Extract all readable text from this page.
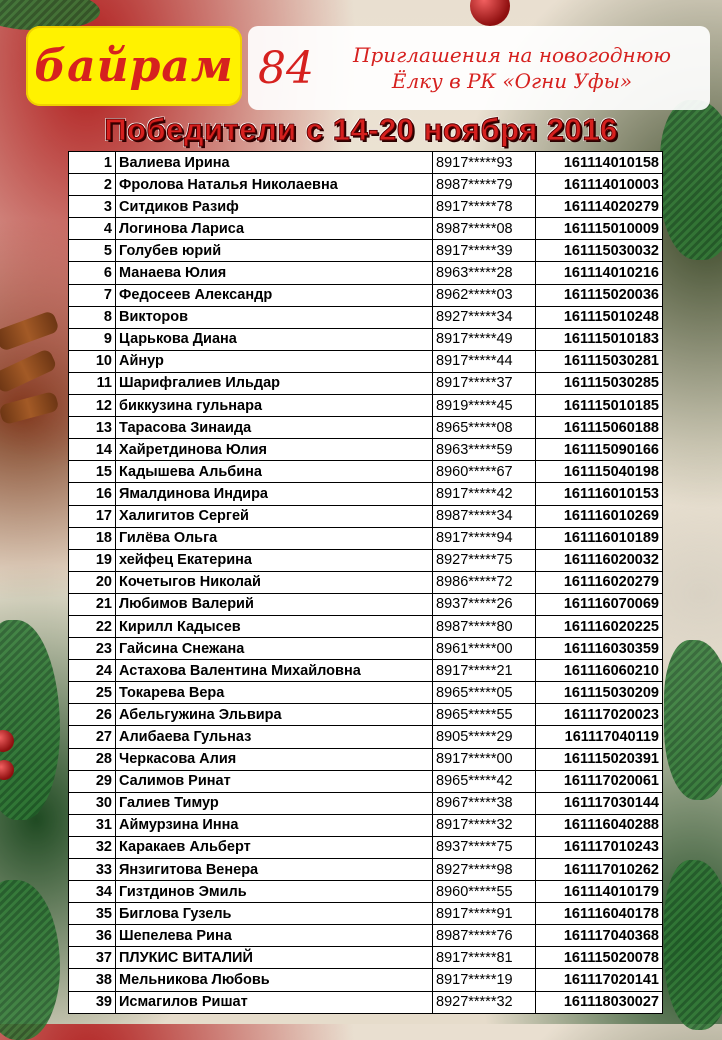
байрам 84	Приглашения на новогоднюю
Ёлку в РК «Огни Уфы»
Победители с 14-20 ноября 2016
1	Валиева Ирина	8917*****93	161114010158
2	Фролова Наталья Николаевна	8987*****79	161114010003
3	Ситдиков Разиф	8917*****78	161114020279
4	Логинова Лариса	8987*****08	161115010009
5	Голубев юрий	8917*****39	161115030032
6	Манаева Юлия	8963*****28	161114010216
7	Федосеев Александр	8962*****03	161115020036
8	Викторов	8927*****34	161115010248
9	Царькова Диана	8917*****49	161115010183
10	Айнур	8917*****44	161115030281
11	Шарифгалиев Ильдар	8917*****37	161115030285
12	биккузина гульнара	8919*****45	161115010185
13	Тарасова Зинаида	8965*****08	161115060188
14	Хайретдинова Юлия	8963*****59	161115090166
15	Кадышева Альбина	8960*****67	161115040198
16	Ямалдинова Индира	8917*****42	161116010153
17	Халигитов Сергей	8987*****34	161116010269
18	Гилёва Ольга	8917*****94	161116010189
19	хейфец Екатерина	8927*****75	161116020032
20	Кочетыгов Николай	8986*****72	161116020279
21	Любимов Валерий	8937*****26	161116070069
22	Кирилл Кадысев	8987*****80	161116020225
23	Гайсина Снежана	8961*****00	161116030359
24	Астахова Валентина Михайловна	8917*****21	161116060210
25	Токарева Вера	8965*****05	161115030209
26	Абельгужина Эльвира	8965*****55	161117020023
27	Алибаева Гульназ	8905*****29	161117040119
28	Черкасова Алия	8917*****00	161115020391
29	Салимов Ринат	8965*****42	161117020061
30	Галиев Тимур	8967*****38	161117030144
31	Аймурзина Инна	8917*****32	161116040288
32	Каракаев Альберт	8937*****75	161117010243
33	Янзигитова Венера	8927*****98	161117010262
34	Гизтдинов Эмиль	8960*****55	161114010179
35	Биглова Гузель	8917*****91	161116040178
36	Шепелева Рина	8987*****76	161117040368
37	ПЛУКИС ВИТАЛИЙ	8917*****81	161115020078
38	Мельникова Любовь	8917*****19	161117020141
39	Исмагилов Ришат	8927*****32	161118030027
